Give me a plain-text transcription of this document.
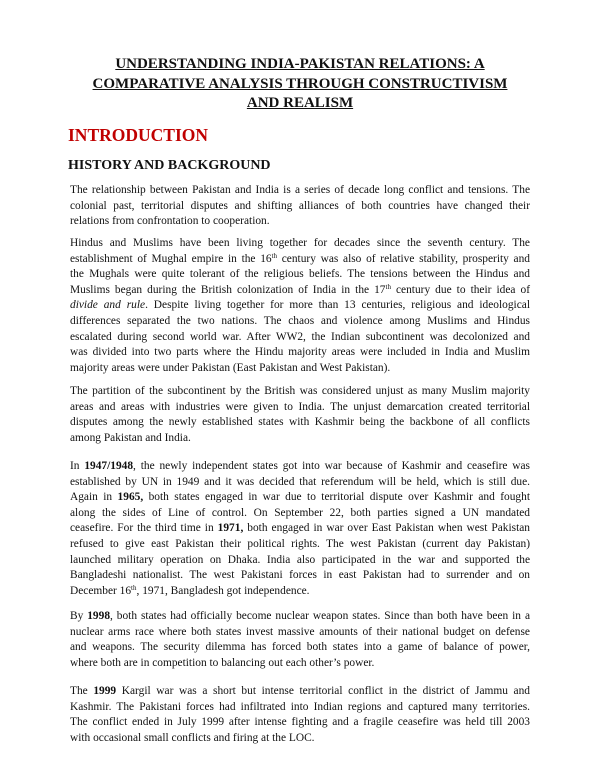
UNDERSTANDING INDIA-PAKISTAN RELATIONS: A
COMPARATIVE ANALYSIS THROUGH CONSTRUCTIVISM
AND REALISM
INTRODUCTION
HISTORY AND BACKGROUND
The relationship between Pakistan and India is a series of decade long conflict and tensions. The
colonial past, territorial disputes and shifting alliances of both countries have changed their
relations from confrontation to cooperation.
Hindus and Muslims have been living together for decades since the seventh century. The
establishment of Mughal empire in the 16th century was also of relative stability, prosperity and
the Mughals were quite tolerant of the religious beliefs. The tensions between the Hindus and
Muslims began during the British colonization of India in the 17th century due to their idea of
divide and rule. Despite living together for more than 13 centuries, religious and ideological
differences separated the two nations. The chaos and violence among Muslims and Hindus
escalated during second world war. After WW2, the Indian subcontinent was decolonized and
was divided into two parts where the Hindu majority areas were included in India and Muslim
majority areas were under Pakistan (East Pakistan and West Pakistan).
The partition of the subcontinent by the British was considered unjust as many Muslim majority
areas and areas with industries were given to India. The unjust demarcation created territorial
disputes among the newly established states with Kashmir being the backbone of all conflicts
among Pakistan and India.
In 1947/1948, the newly independent states got into war because of Kashmir and ceasefire was
established by UN in 1949 and it was decided that referendum will be held, which is still due.
Again in 1965, both states engaged in war due to territorial dispute over Kashmir and fought
along the sides of Line of control. On September 22, both parties signed a UN mandated
ceasefire. For the third time in 1971, both engaged in war over East Pakistan when west Pakistan
refused to give east Pakistan their political rights. The west Pakistan (current day Pakistan)
launched military operation on Dhaka. India also participated in the war and supported the
Bangladeshi nationalist. The west Pakistani forces in east Pakistan had to surrender and on
December 16th, 1971, Bangladesh got independence.
By 1998, both states had officially become nuclear weapon states. Since than both have been in a
nuclear arms race where both states invest massive amounts of their national budget on defense
and weapons. The security dilemma has forced both states into a game of balance of power,
where both are in competition to balancing out each other’s power.
The 1999 Kargil war was a short but intense territorial conflict in the district of Jammu and
Kashmir. The Pakistani forces had infiltrated into Indian regions and captured many territories.
The conflict ended in July 1999 after intense fighting and a fragile ceasefire was held till 2003
with occasional small conflicts and firing at the LOC.
